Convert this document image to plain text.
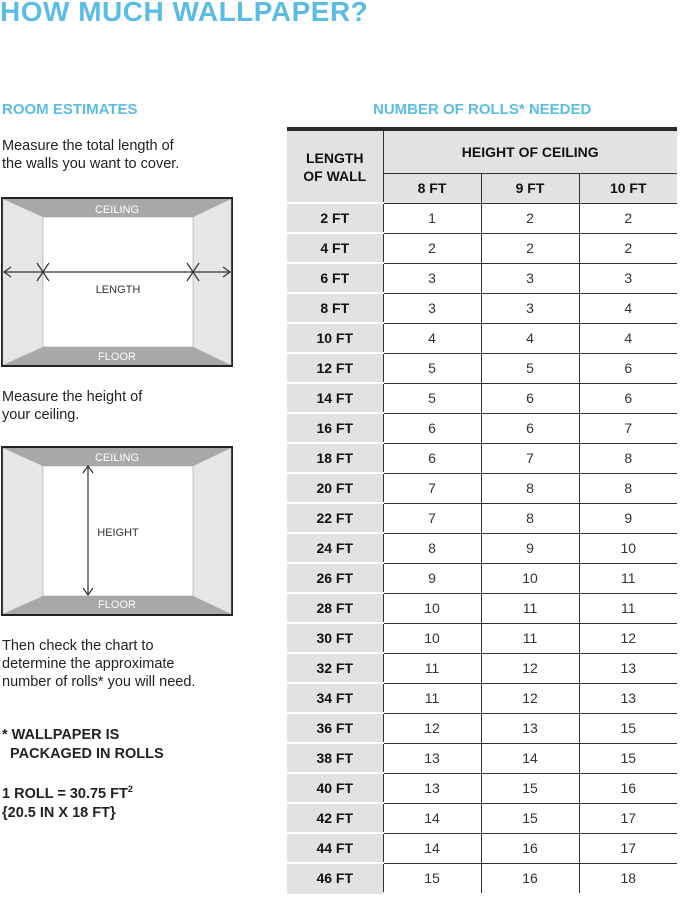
HOW MUCH WALLPAPER?
ROOM ESTIMATES
Measure the total length of
the walls you want to cover.
CEILING
FLOOR
LENGTH
Measure the height of
your ceiling.
CEILING
FLOOR
HEIGHT
Then check the chart to
determine the approximate
number of rolls* you will need.
* WALLPAPER IS
PACKAGED IN ROLLS
1 ROLL = 30.75 $FT^2$
{20.5 IN X 18 FT}
NUMBER OF ROLLS* NEEDED
LENGTH
OF WALL	HEIGHT OF CEILING		
	8 FT	9 FT	10 FT
2 FT	1	2	2
4 FT	2	2	2
6 FT	3	3	3
8 FT	3	3	4
10 FT	4	4	4
12 FT	5	5	6
14 FT	5	6	6
16 FT	6	6	7
18 FT	6	7	8
20 FT	7	8	8
22 FT	7	8	9
24 FT	8	9	10
26 FT	9	10	11
28 FT	10	11	11
30 FT	10	11	12
32 FT	11	12	13
34 FT	11	12	13
36 FT	12	13	15
38 FT	13	14	15
40 FT	13	15	16
42 FT	14	15	17
44 FT	14	16	17
46 FT	15	16	18
